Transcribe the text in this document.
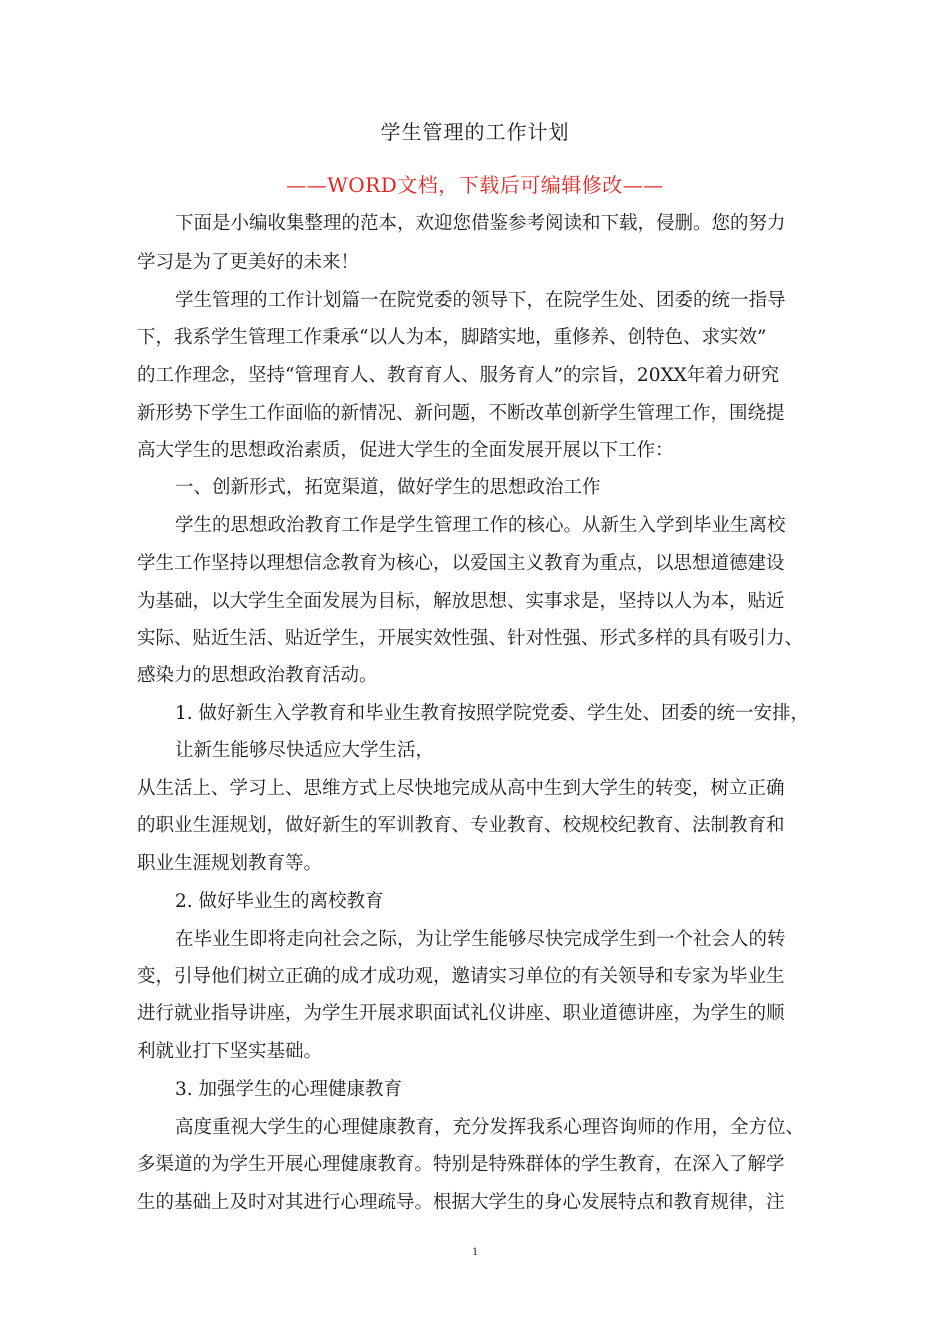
学生管理的工作计划
——WORD文档，下载后可编辑修改——
下面是小编收集整理的范本，欢迎您借鉴参考阅读和下载，侵删。您的努力
学习是为了更美好的未来！
学生管理的工作计划篇一在院党委的领导下，在院学生处、团委的统一指导
下，我系学生管理工作秉承“以人为本，脚踏实地，重修养、创特色、求实效”
的工作理念，坚持“管理育人、教育育人、服务育人”的宗旨，20XX年着力研究
新形势下学生工作面临的新情况、新问题，不断改革创新学生管理工作，围绕提
高大学生的思想政治素质，促进大学生的全面发展开展以下工作：
一、创新形式，拓宽渠道，做好学生的思想政治工作
学生的思想政治教育工作是学生管理工作的核心。从新生入学到毕业生离校
学生工作坚持以理想信念教育为核心，以爱国主义教育为重点，以思想道德建设
为基础，以大学生全面发展为目标，解放思想、实事求是，坚持以人为本，贴近
实际、贴近生活、贴近学生，开展实效性强、针对性强、形式多样的具有吸引力、
感染力的思想政治教育活动。
1. 做好新生入学教育和毕业生教育按照学院党委、学生处、团委的统一安排，
让新生能够尽快适应大学生活，
从生活上、学习上、思维方式上尽快地完成从高中生到大学生的转变，树立正确
的职业生涯规划，做好新生的军训教育、专业教育、校规校纪教育、法制教育和
职业生涯规划教育等。
2. 做好毕业生的离校教育
在毕业生即将走向社会之际，为让学生能够尽快完成学生到一个社会人的转
变，引导他们树立正确的成才成功观，邀请实习单位的有关领导和专家为毕业生
进行就业指导讲座，为学生开展求职面试礼仪讲座、职业道德讲座，为学生的顺
利就业打下坚实基础。
3. 加强学生的心理健康教育
高度重视大学生的心理健康教育，充分发挥我系心理咨询师的作用，全方位、
多渠道的为学生开展心理健康教育。特别是特殊群体的学生教育，在深入了解学
生的基础上及时对其进行心理疏导。根据大学生的身心发展特点和教育规律，注
1
